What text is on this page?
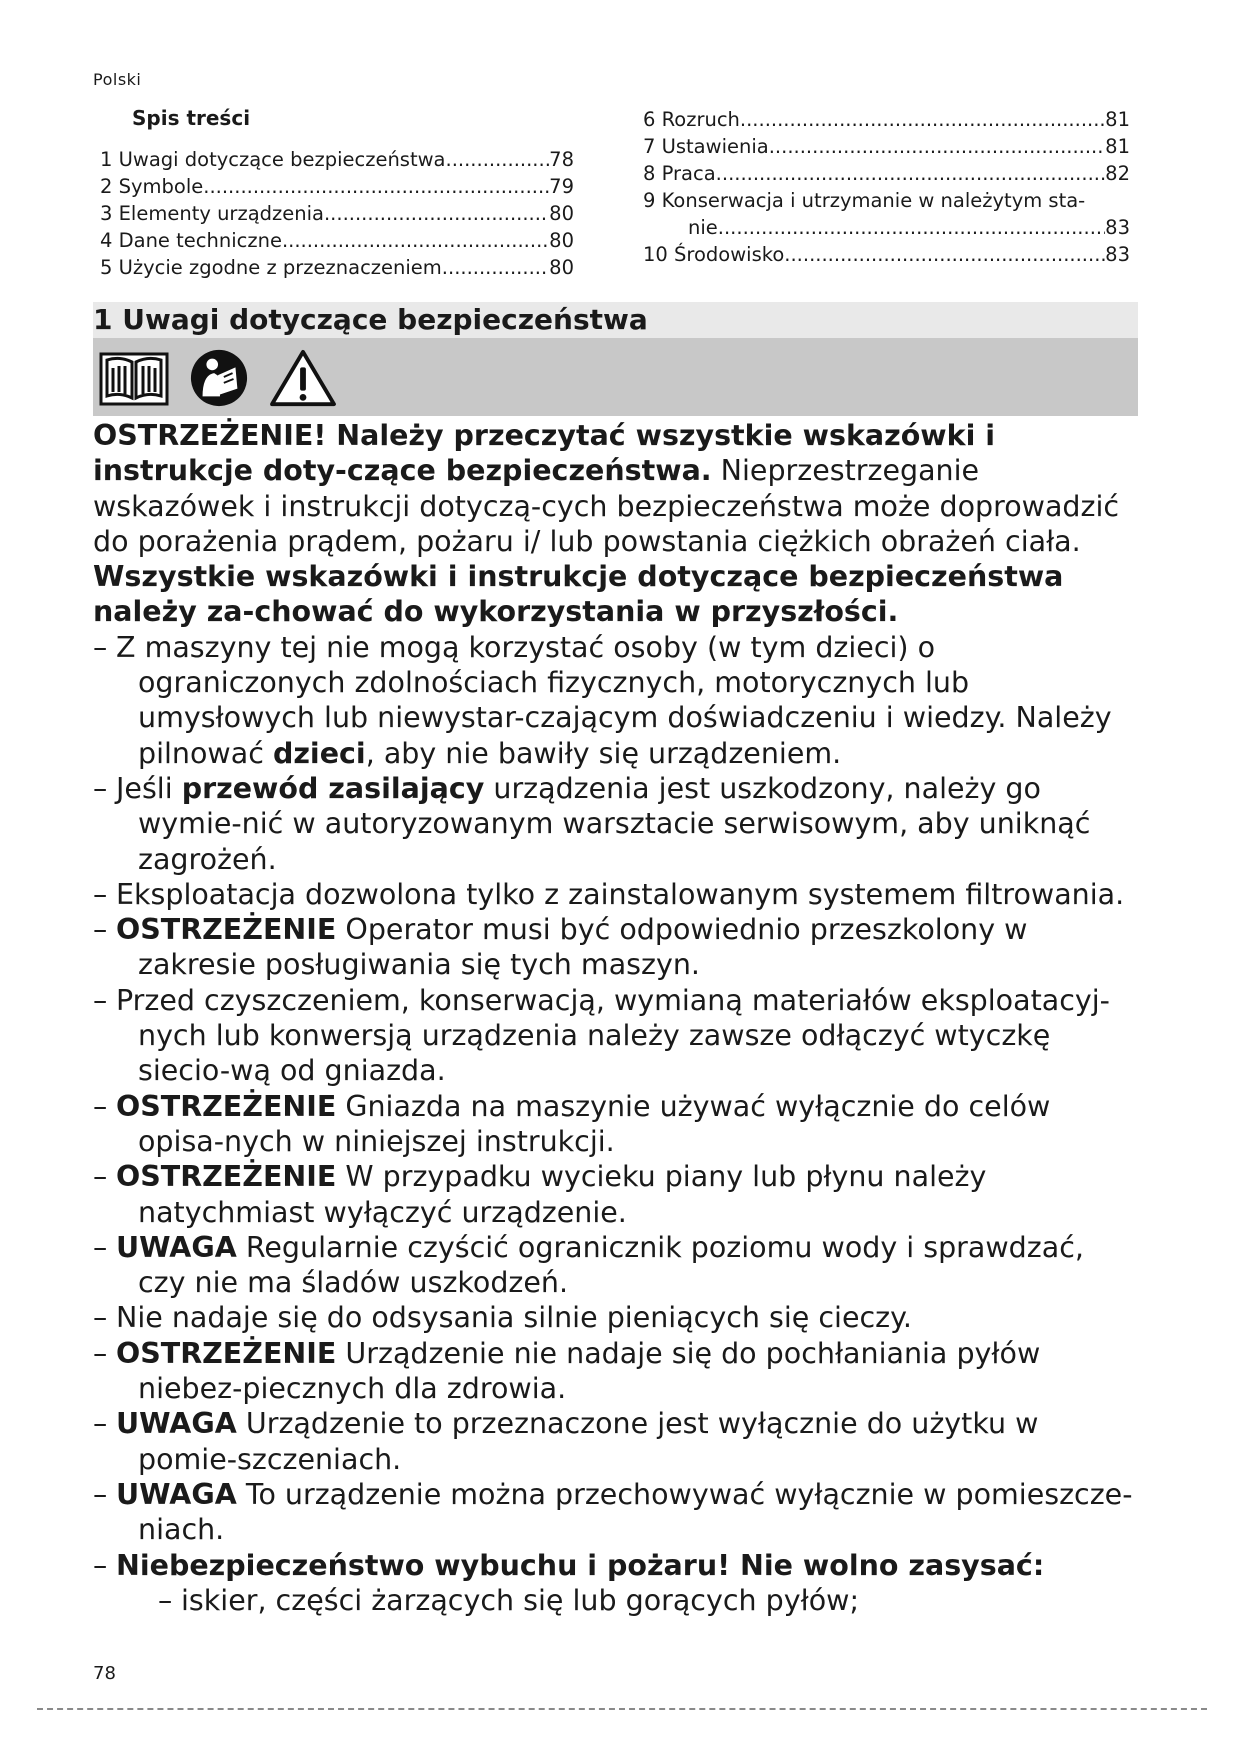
Polski
Spis treści
1 Uwagi dotyczące bezpieczeństwa .....	78
2 Symbole .....	79
3 Elementy urządzenia .....	80
4 Dane techniczne .....	80
5 Użycie zgodne z przeznaczeniem .....	80
6 Rozruch .....	81
7 Ustawienia .....	81
8 Praca .....	82
9 Konserwacja i utrzymanie w należytym sta-
nie .....	83
10 Środowisko .....	83
1 Uwagi dotyczące bezpieczeństwa

OSTRZEŻENIE! Należy przeczytać wszystkie wskazówki i instrukcje doty-czące bezpieczeństwa. Nieprzestrzeganie wskazówek i instrukcji dotyczą-cych bezpieczeństwa może doprowadzić do porażenia prądem, pożaru i/ lub powstania ciężkich obrażeń ciała.

Wszystkie wskazówki i instrukcje dotyczące bezpieczeństwa należy za-chować do wykorzystania w przyszłości.

– Z maszyny tej nie mogą korzystać osoby (w tym dzieci) o ograniczonych zdolnościach fizycznych, motorycznych lub umysłowych lub niewystar-czającym doświadczeniu i wiedzy. Należy pilnować dzieci, aby nie bawiły się urządzeniem.

– Jeśli przewód zasilający urządzenia jest uszkodzony, należy go wymie-nić w autoryzowanym warsztacie serwisowym, aby uniknąć zagrożeń.

– Eksploatacja dozwolona tylko z zainstalowanym systemem filtrowania.

– OSTRZEŻENIE Operator musi być odpowiednio przeszkolony w zakresie posługiwania się tych maszyn.

– Przed czyszczeniem, konserwacją, wymianą materiałów eksploatacyj-nych lub konwersją urządzenia należy zawsze odłączyć wtyczkę siecio-wą od gniazda.

– OSTRZEŻENIE Gniazda na maszynie używać wyłącznie do celów opisa-nych w niniejszej instrukcji.

– OSTRZEŻENIE W przypadku wycieku piany lub płynu należy natychmiast wyłączyć urządzenie.

– UWAGA Regularnie czyścić ogranicznik poziomu wody i sprawdzać, czy nie ma śladów uszkodzeń.

– Nie nadaje się do odsysania silnie pieniących się cieczy.

– OSTRZEŻENIE Urządzenie nie nadaje się do pochłaniania pyłów niebez-piecznych dla zdrowia.

– UWAGA Urządzenie to przeznaczone jest wyłącznie do użytku w pomie-szczeniach.

– UWAGA To urządzenie można przechowywać wyłącznie w pomieszcze-niach.

– Niebezpieczeństwo wybuchu i pożaru! Nie wolno zasysać:

– iskier, części żarzących się lub gorących pyłów;

78
